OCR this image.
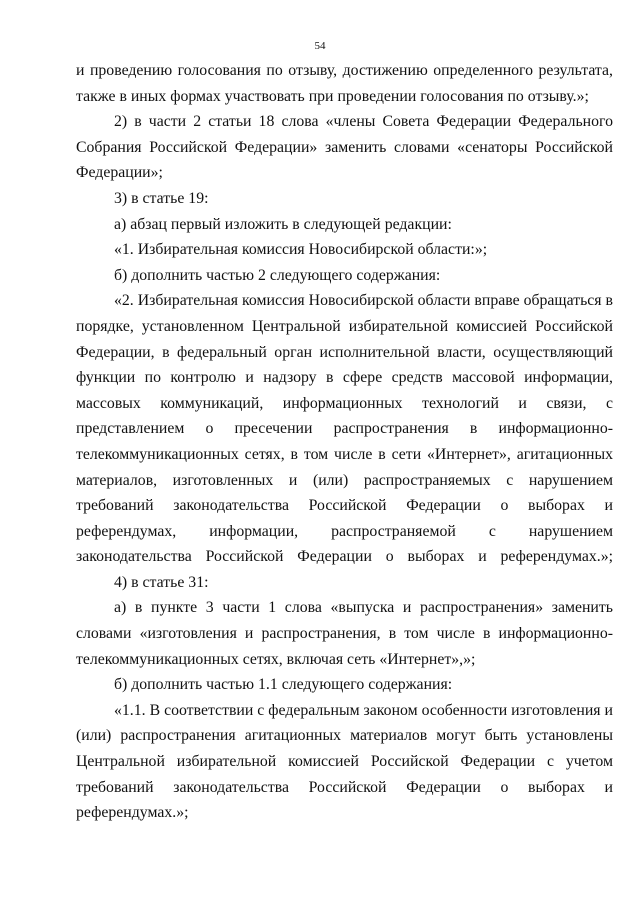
54

и проведению голосования по отзыву, достижению определенного результата, также в иных формах участвовать при проведении голосования по отзыву.»;

2) в части 2 статьи 18 слова «члены Совета Федерации Федерального Собрания Российской Федерации» заменить словами «сенаторы Российской Федерации»;

3) в статье 19:

а) абзац первый изложить в следующей редакции:

«1. Избирательная комиссия Новосибирской области:»;

б) дополнить частью 2 следующего содержания:

«2. Избирательная комиссия Новосибирской области вправе обращаться в порядке, установленном Центральной избирательной комиссией Российской Федерации, в федеральный орган исполнительной власти, осуществляющий функции по контролю и надзору в сфере средств массовой информации, массовых коммуникаций, информационных технологий и связи, с представлением о пресечении распространения в информационно-телекоммуникационных сетях, в том числе в сети «Интернет», агитационных материалов, изготовленных и (или) распространяемых с нарушением требований законодательства Российской Федерации о выборах и референдумах, информации, распространяемой с нарушением законодательства Российской Федерации о выборах и референдумах.»;

4) в статье 31:

а) в пункте 3 части 1 слова «выпуска и распространения» заменить словами «изготовления и распространения, в том числе в информационно-телекоммуникационных сетях, включая сеть «Интернет»,»;

б) дополнить частью 1.1 следующего содержания:

«1.1. В соответствии с федеральным законом особенности изготовления и (или) распространения агитационных материалов могут быть установлены Центральной избирательной комиссией Российской Федерации с учетом требований законодательства Российской Федерации о выборах и референдумах.»;
